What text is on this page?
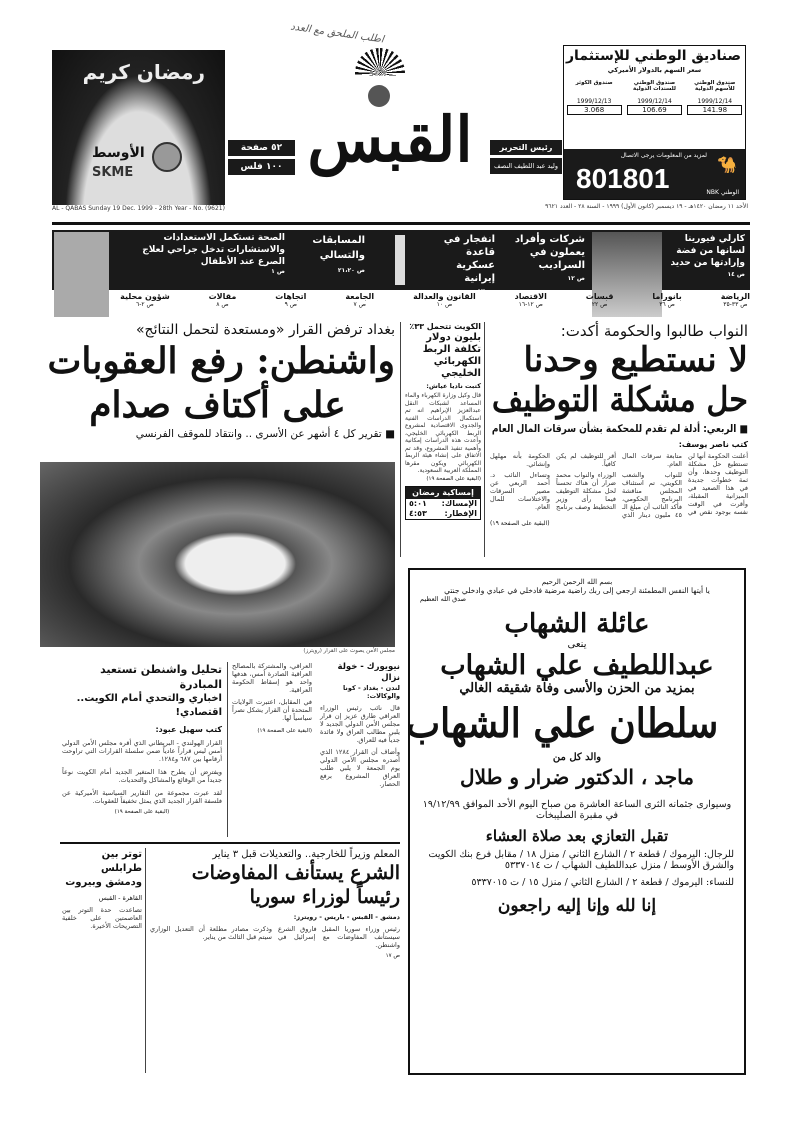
اطلب الملحق مع العدد
رمضان كريم
الأوسط
SKME
٥٢ صفحة
١٠٠ فلس القبس	رئيس التحرير
وليد عبد اللطيف النصف
صناديق الوطني للإستثمار
سعر السهم بالدولار الأميركي
صندوق الوطني للأسهم الدولية
1999/12/14
141.98
صندوق الوطني للسندات الدولية
1999/12/14
106.69
صندوق الكوثر
1999/12/13
3.068
🐪
NBK الوطني
لمزيد من المعلومات يرجى الاتصال
801801
AL - QABAS Sunday 19 Dec. 1999 - 28th Year - No. (9621)	الأحد ١١ رمضان ١٤٢٠هـ - ١٩ ديسمبر (كانون الأول) ١٩٩٩ - السنة ٢٨ - العدد ٩٦٢١
كارلي فيورينا لسانها من فضة وإرادتها من حديد
ص ١٤
شركات وأفراد يعملون في السراديب
ص ١٢
انفجار في قاعدة عسكرية إيرانية
ص ١٧
المسابقات والتسالي
ص ٢١،٢٠
الصحة تستكمل الاستعدادات والاستشارات تدخل جراحي لعلاج الصرع عند الأطفال
ص ١
شؤون محلية
ص ٢-٦
مقالات
ص ٨
اتجاهات
ص ٩
الجامعة
ص ٧
القانون والعدالة
ص ١٠
الاقتصاد
ص ١٢-١٦
قبسات
ص ٢٢
بانوراما
ص ٣٦
الرياضة
ص ٣٣-٣٥
النواب طالبوا والحكومة أكدت:
لا نستطيع وحدنا
حل مشكلة التوظيف
■ الربعي: أدلة لم تقدم للمحكمة بشأن سرقات المال العام
كتب ناصر يوسف:

أعلنت الحكومة أنها لن تستطيع حل مشكلة التوظيف وحدها، وأن ثمة خطوات جديدة في هذا الصعيد في الميزانية المقبلة، وأقرت في الوقت نفسه بوجود نقص في متابعة سرقات المال العام.

للنواب والشعب الكويتي، تم استئناف المجلس مناقشة البرنامج الحكومي، فأكد النائب أن مبلغ الـ ٤٥ مليون دينار الذي أقر للتوظيف لم يكن كافياً.

الوزراء والنواب محمد ضرار أن هناك تحسناً لحل مشكلة التوظيف فيما رأى وزير التخطيط وصف برنامج الحكومة بأنه مهلهل وإنشائي.

وتساءل النائب د. أحمد الربعي عن مصير السرقات والاختلاسات للمال العام.

(البقية على الصفحة ١٩)
الكويت تتحمل ٣٣٪
بليون دولار تكلفة الربط الكهربائي الخليجي
كتبت ناديا عياش:

قال وكيل وزارة الكهرباء والماء المساعد لشبكات النقل عبدالعزيز الإبراهيم انه تم استكمال الدراسات الفنية والجدوى الاقتصادية لمشروع الربط الكهربائي الخليجي، وأعدت هذه الدراسات إمكانية وأهمية تنفيذ المشروع، وقد تم الاتفاق على إنشاء هيئة الربط الكهربائي ويكون مقرها المملكة العربية السعودية.

(البقية على الصفحة ١٩)
إمساكية رمضان
الإمساك:
٥:٠١
الإفطار:
٤:٥٣
بغداد ترفض القرار «ومستعدة لتحمل النتائج»
واشنطن: رفع العقوبات
على أكتاف صدام
■ تقرير كل ٤ أشهر عن الأسرى .. وانتقاد للموقف الفرنسي
مجلس الأمن يصوت على القرار (رويترز)
نيويورك - خولة نزال
لندن - بغداد - كونا والوكالات:

قال نائب رئيس الوزراء العراقي طارق عزيز إن قرار مجلس الأمن الدولي الجديد لا يلبي مطالب العراق ولا فائدة جدياً فيه للعراق.

وأضاف أن القرار ١٢٨٤ الذي أصدره مجلس الأمن الدولي يوم الجمعة لا يلبي طلب العراق المشروع برفع الحصار.

العراقي، والمشتركة بالمصالح العراقية الصادرة أمس، هدفها واحد هو إسقاط الحكومة العراقية.

في المقابل، اعتبرت الولايات المتحدة أن القرار يشكل نصراً سياسياً لها.

(البقية على الصفحة ١٩)
تحليل واشنطن تستعيد المبادرة
اخباري والتحدي أمام الكويت.. اقتصادي!
كتب سهيل عبود:

القرار الهولندي - البريطاني الذي أقره مجلس الأمن الدولي أمس ليس قراراً عادياً ضمن سلسلة القرارات التي تراوحت أرقامها بين ٦٨٧ و١٢٨٤.

ويفترض أن يطرح هذا المتغير الجديد أمام الكويت نوعاً جديداً من الوقائع والمشاكل والتحديات.

لقد عبرت مجموعة من التقارير السياسية الأميركية عن فلسفة القرار الجديد الذي يمثل تخفيفاً للعقوبات.

(البقية على الصفحة ١٩)
المعلم وزيراً للخارجية.. والتعديلات قبل ٣ يناير
الشرع يستأنف المفاوضات
رئيساً لوزراء سوريا
دمشق - القبس - باريس - رويترز:

رئيس وزراء سوريا المقبل فاروق الشرع سيستأنف المفاوضات مع إسرائيل في واشنطن.

وذكرت مصادر مطلعة أن التعديل الوزاري سيتم قبل الثالث من يناير.

ص ١٧
توتر بين طرابلس ودمشق وبيروت
القاهرة - القبس

تصاعدت حدة التوتر بين العاصمتين على خلفية التصريحات الأخيرة.

بسم الله الرحمن الرحيم
يا أيتها النفس المطمئنة ارجعي إلى ربك راضية مرضية فادخلي في عبادي وادخلي جنتي
صدق الله العظيم
عائلة الشهاب
ينعى
عبداللطيف علي الشهاب
بمزيد من الحزن والأسى وفاة شقيقه الغالي
سلطان علي الشهاب
والد كل من
ماجد ، الدكتور ضرار و طلال
وسيوارى جثمانه الثرى الساعة العاشرة من صباح اليوم الأحد الموافق ١٩/١٢/٩٩
في مقبرة الصليبخات
تقبل التعازي بعد صلاة العشاء
للرجال: اليرموك / قطعة ٢ / الشارع الثاني / منزل ١٨ / مقابل فرع بنك الكويت والشرق الأوسط / منزل عبداللطيف الشهاب / ت ٥٣٣٧٠١٤
للنساء: اليرموك / قطعة ٢ / الشارع الثاني / منزل ١٥ / ت ٥٣٣٧٠١٥
إنا لله وإنا إليه راجعون
